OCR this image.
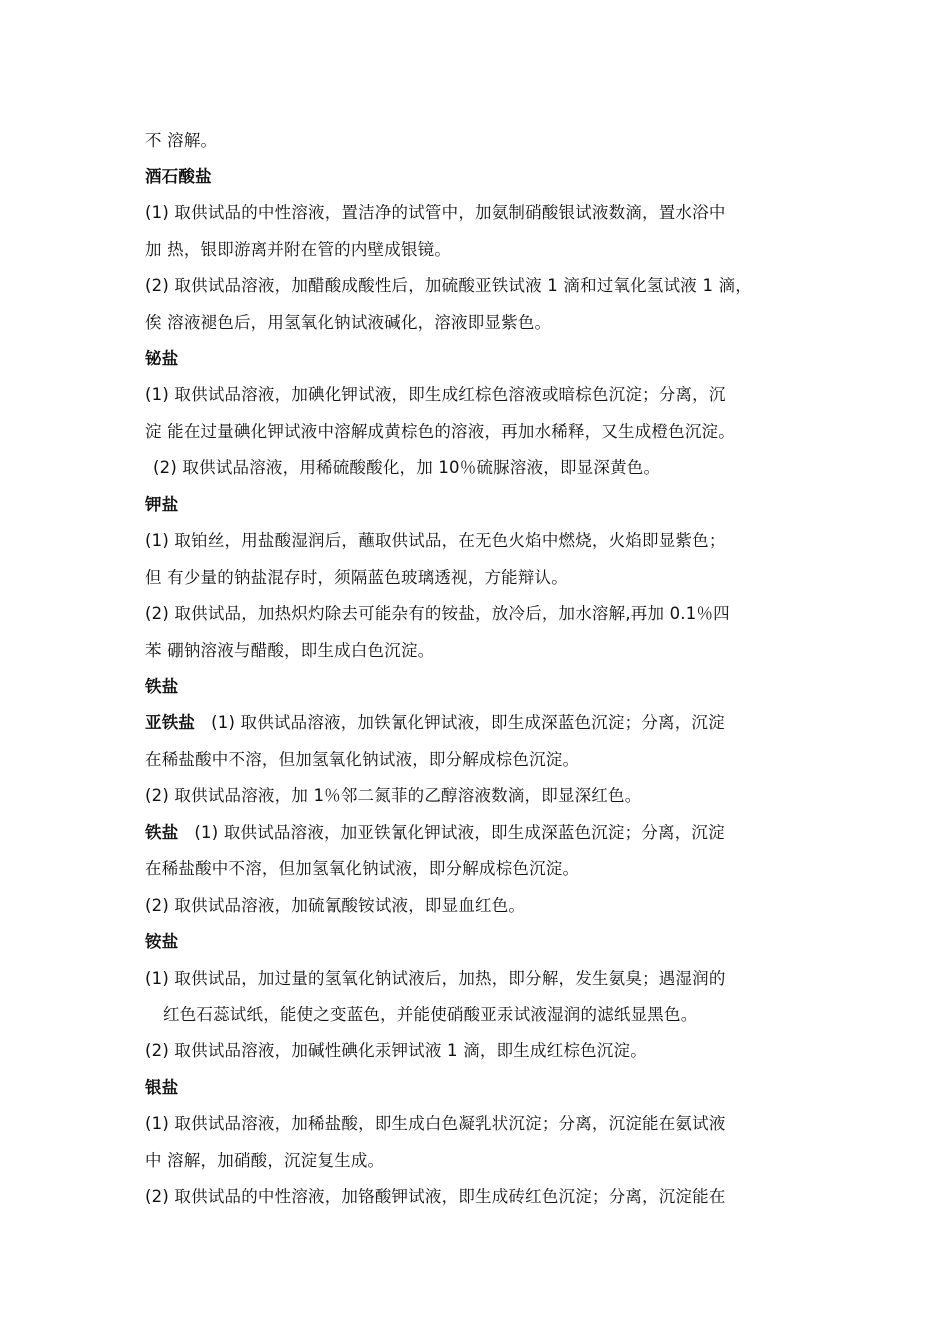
不 溶解。
酒石酸盐
(1) 取供试品的中性溶液，置洁净的试管中，加氨制硝酸银试液数滴，置水浴中
加 热，银即游离并附在管的内壁成银镜。
(2) 取供试品溶液，加醋酸成酸性后，加硫酸亚铁试液 1 滴和过氧化氢试液 1 滴，
俟 溶液褪色后，用氢氧化钠试液碱化，溶液即显紫色。
铋盐
(1) 取供试品溶液，加碘化钾试液，即生成红棕色溶液或暗棕色沉淀；分离，沉
淀 能在过量碘化钾试液中溶解成黄棕色的溶液，再加水稀释，又生成橙色沉淀。
(2) 取供试品溶液，用稀硫酸酸化，加 10％硫脲溶液，即显深黄色。
钾盐
(1) 取铂丝，用盐酸湿润后，蘸取供试品，在无色火焰中燃烧，火焰即显紫色；
但 有少量的钠盐混存时，须隔蓝色玻璃透视，方能辩认。
(2) 取供试品，加热炽灼除去可能杂有的铵盐，放冷后，加水溶解,再加 0.1％四
苯 硼钠溶液与醋酸，即生成白色沉淀。
铁盐
亚铁盐 (1) 取供试品溶液，加铁氰化钾试液，即生成深蓝色沉淀；分离，沉淀
在稀盐酸中不溶，但加氢氧化钠试液，即分解成棕色沉淀。
(2) 取供试品溶液，加 1％邻二氮菲的乙醇溶液数滴，即显深红色。
铁盐 (1) 取供试品溶液，加亚铁氰化钾试液，即生成深蓝色沉淀；分离，沉淀
在稀盐酸中不溶，但加氢氧化钠试液，即分解成棕色沉淀。
(2) 取供试品溶液，加硫氰酸铵试液，即显血红色。
铵盐
(1) 取供试品，加过量的氢氧化钠试液后，加热，即分解，发生氨臭；遇湿润的
红色石蕊试纸，能使之变蓝色，并能使硝酸亚汞试液湿润的滤纸显黑色。
(2) 取供试品溶液，加碱性碘化汞钾试液 1 滴，即生成红棕色沉淀。
银盐
(1) 取供试品溶液，加稀盐酸，即生成白色凝乳状沉淀；分离，沉淀能在氨试液
中 溶解，加硝酸，沉淀复生成。
(2) 取供试品的中性溶液，加铬酸钾试液，即生成砖红色沉淀；分离，沉淀能在
